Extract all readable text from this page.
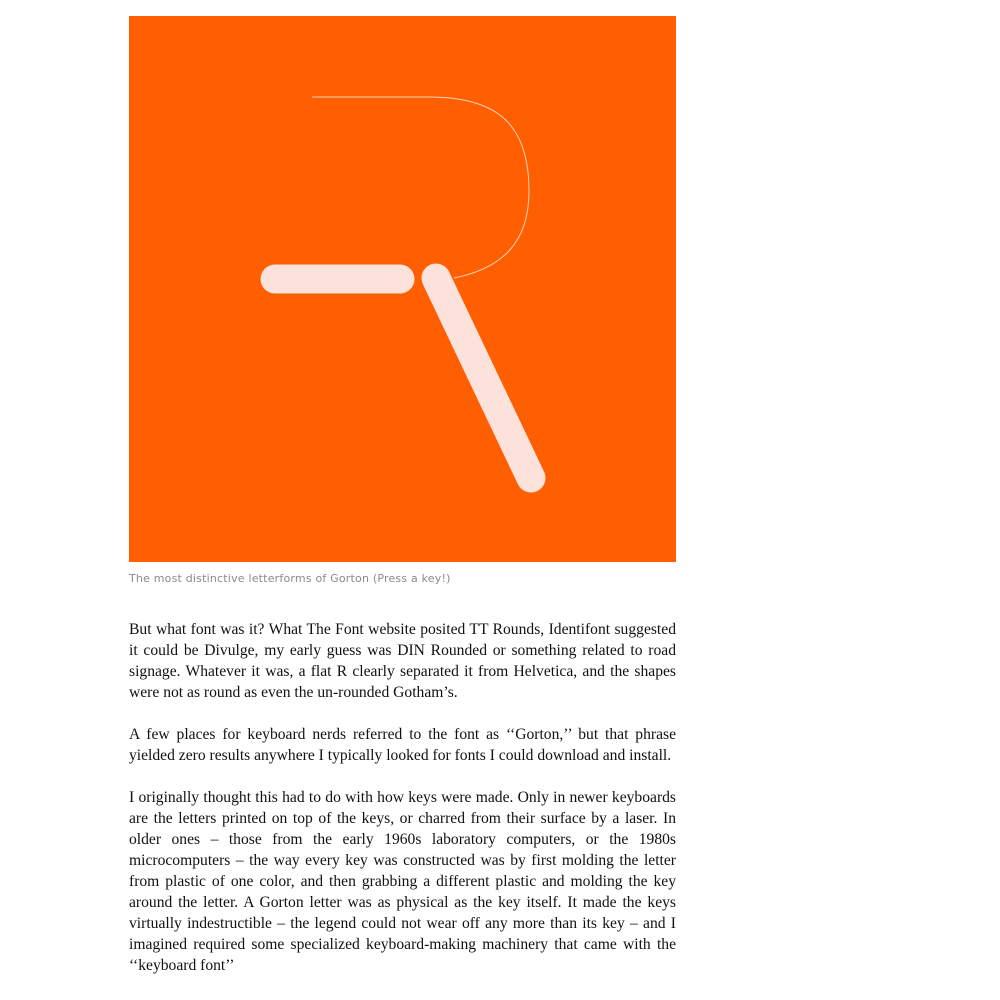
The most distinctive letterforms of Gorton (Press a key!)

But what font was it? What The Font website posited TT Rounds, Identifont suggested it could be Divulge, my early guess was DIN Rounded or something related to road signage. Whatever it was, a flat R clearly separated it from Helvetica, and the shapes were not as round as even the un-rounded Gotham’s.

A few places for keyboard nerds referred to the font as ‘‘Gorton,’’ but that phrase yielded zero results anywhere I typically looked for fonts I could download and install.

I originally thought this had to do with how keys were made. Only in newer keyboards are the letters printed on top of the keys, or charred from their surface by a laser. In older ones – those from the early 1960s laboratory computers, or the 1980s microcomputers – the way every key was constructed was by first molding the letter from plastic of one color, and then grabbing a different plastic and molding the key around the letter. A Gorton letter was as physical as the key itself. It made the keys virtually indestructible – the legend could not wear off any more than its key – and I imagined required some specialized keyboard-making machinery that came with the ‘‘keyboard font’’
